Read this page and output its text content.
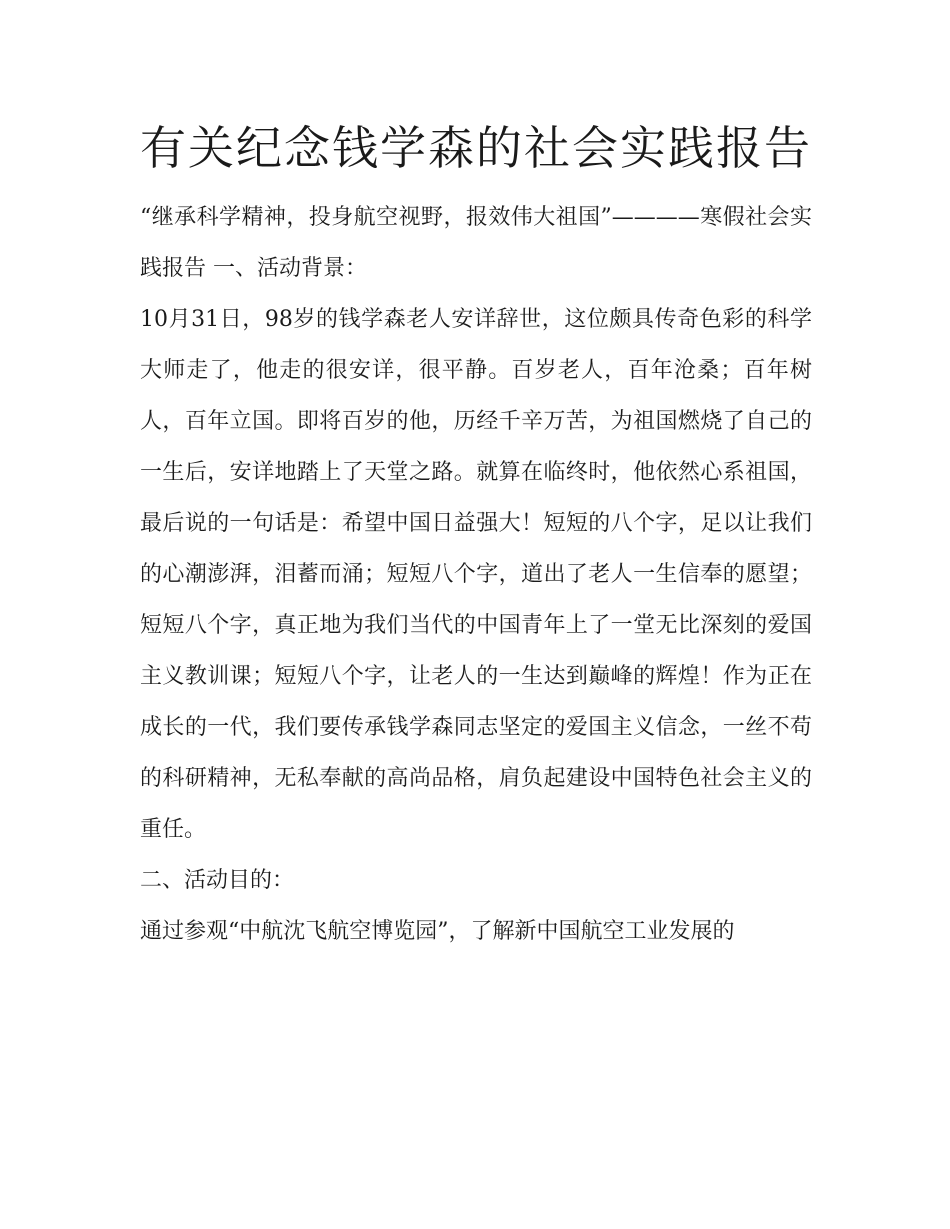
有关纪念钱学森的社会实践报告

“继承科学精神，投身航空视野，报效伟大祖国”————寒假社会实践报告 一、活动背景：

10月31日，98岁的钱学森老人安详辞世，这位颇具传奇色彩的科学大师走了，他走的很安详，很平静。百岁老人，百年沧桑；百年树人，百年立国。即将百岁的他，历经千辛万苦，为祖国燃烧了自己的一生后，安详地踏上了天堂之路。就算在临终时，他依然心系祖国，最后说的一句话是：希望中国日益强大！短短的八个字，足以让我们的心潮澎湃，泪蓄而涌；短短八个字，道出了老人一生信奉的愿望；短短八个字，真正地为我们当代的中国青年上了一堂无比深刻的爱国主义教训课；短短八个字，让老人的一生达到巅峰的辉煌！作为正在成长的一代，我们要传承钱学森同志坚定的爱国主义信念，一丝不苟的科研精神，无私奉献的高尚品格，肩负起建设中国特色社会主义的重任。

二、活动目的：

通过参观“中航沈飞航空博览园”，了解新中国航空工业发展的
